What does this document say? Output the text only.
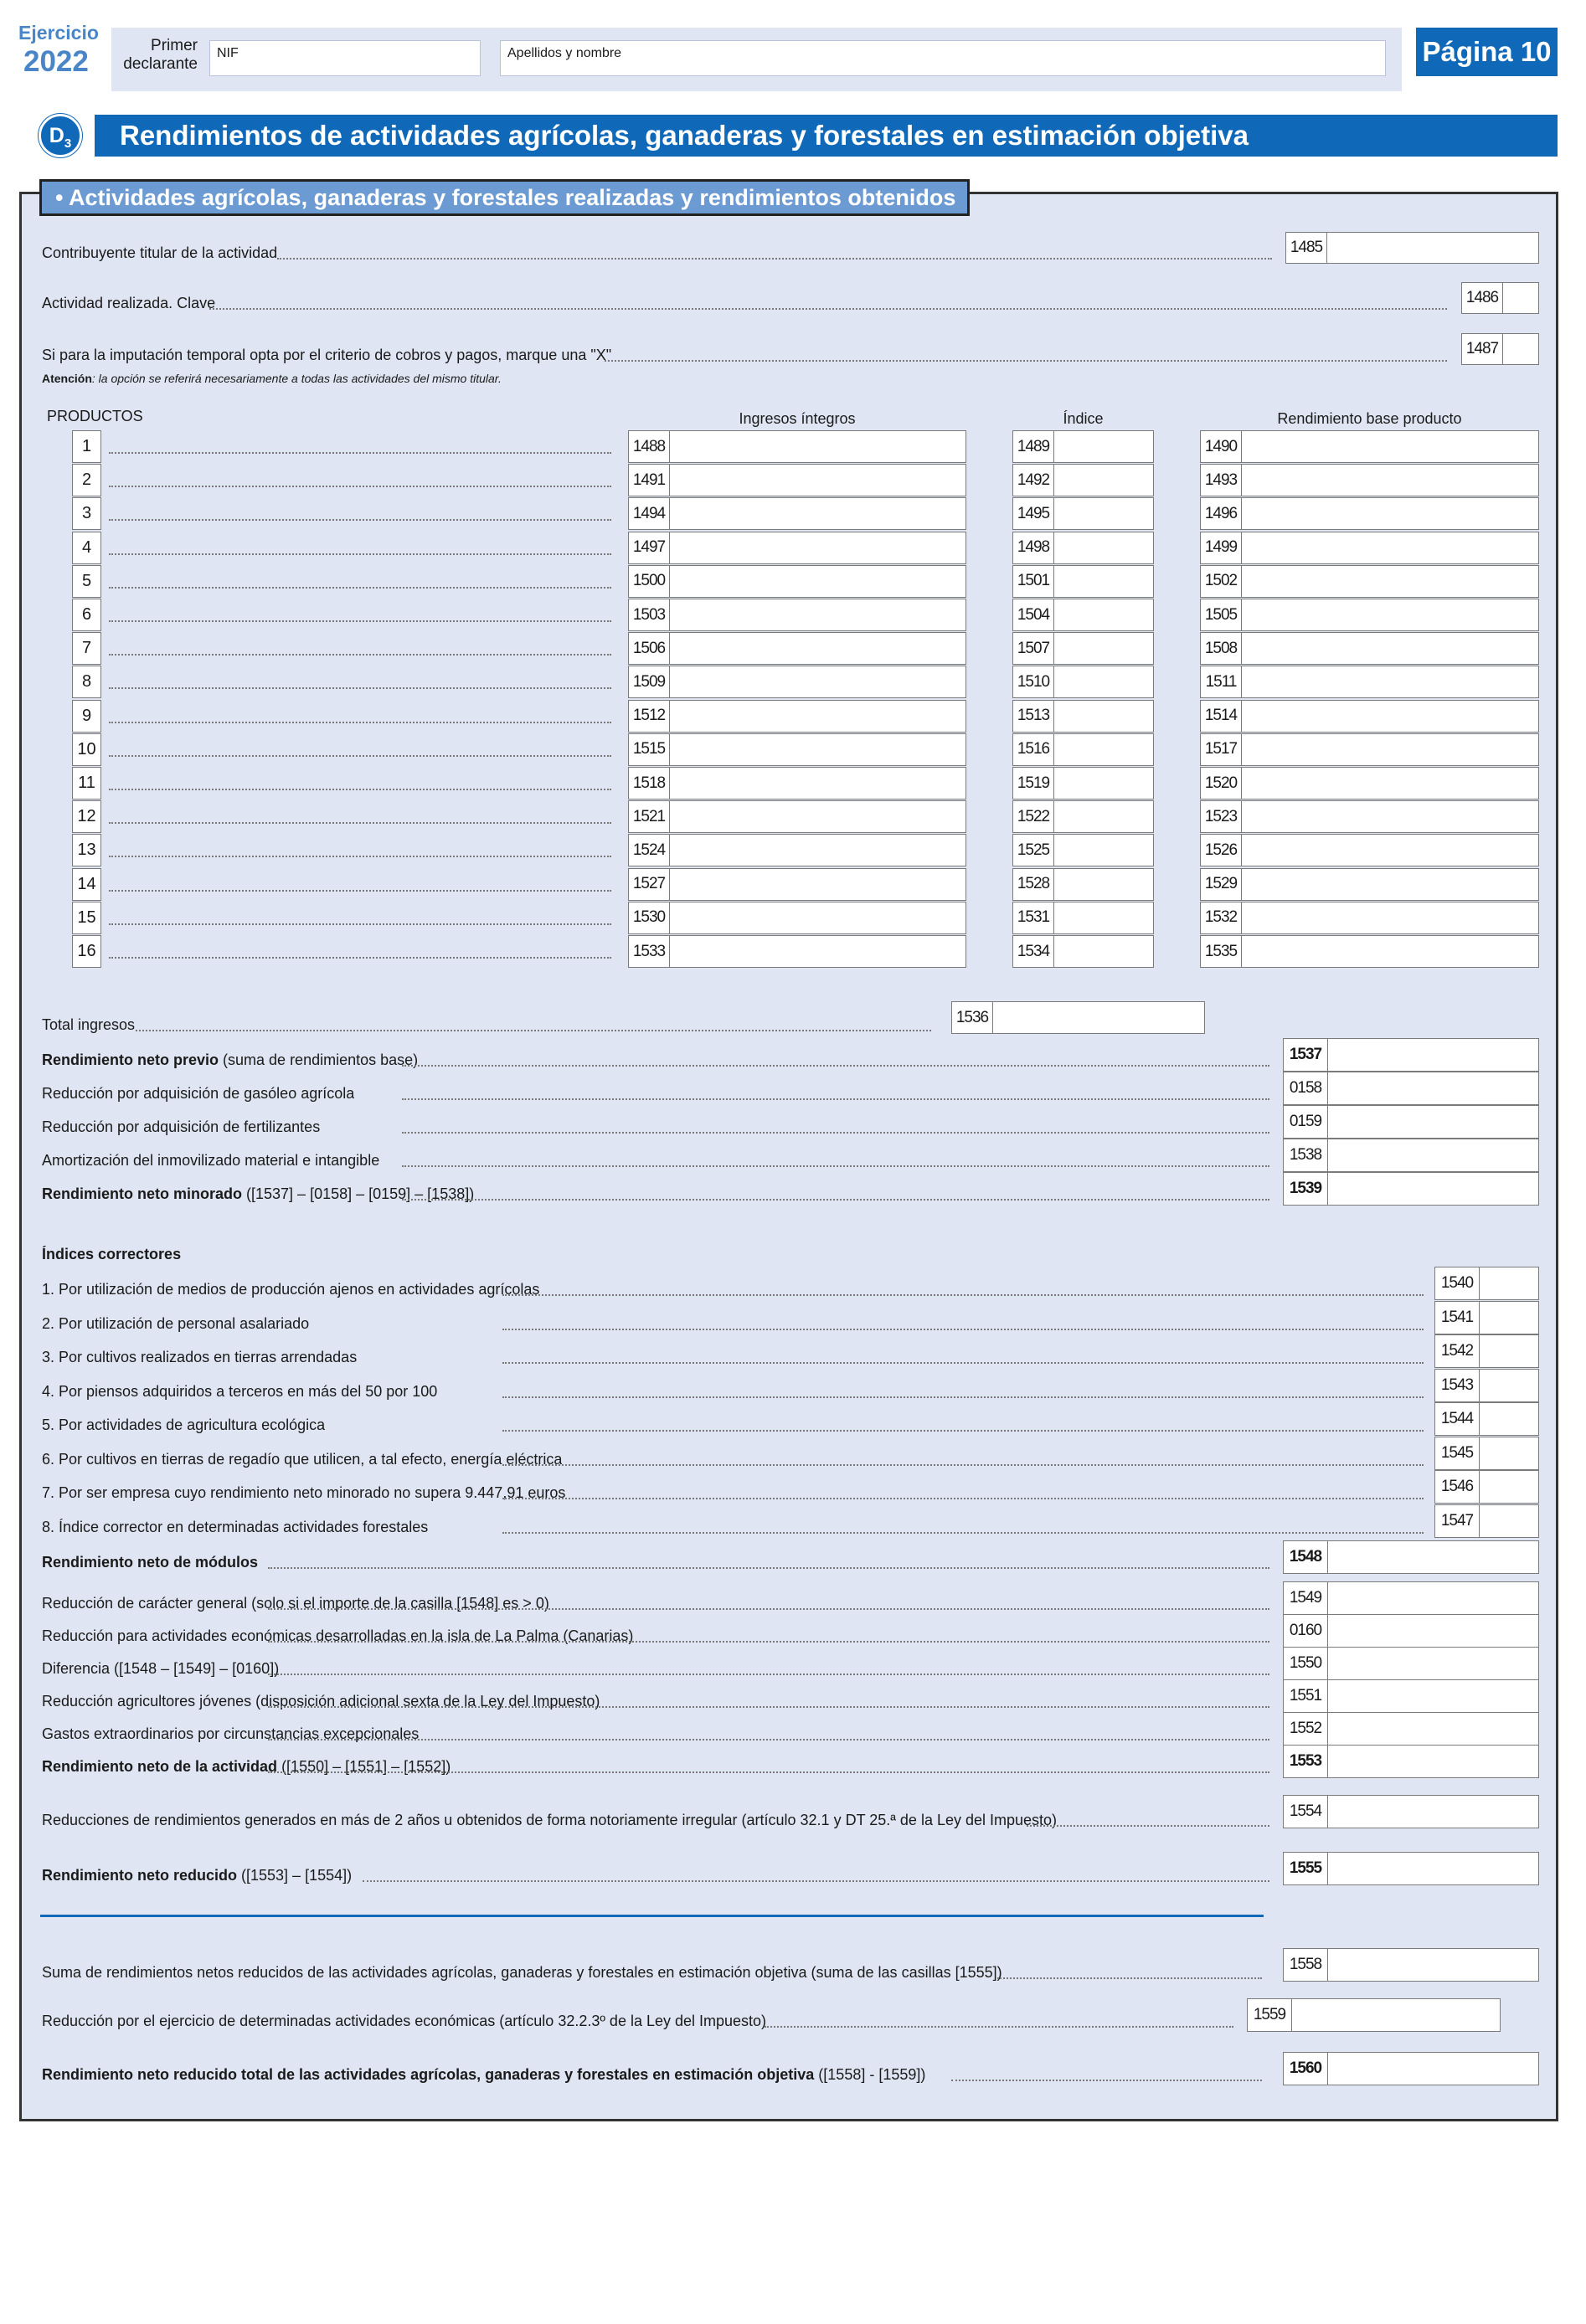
Ejercicio
2022	Primer
declarante
NIF	Apellidos y nombre	Página 10
Rendimientos de actividades agrícolas, ganaderas y forestales en estimación objetiva
$D_3$
• Actividades agrícolas, ganaderas y forestales realizadas y rendimientos obtenidos
Contribuyente titular de la actividad	1485
Actividad realizada. Clave	1486
Si para la imputación temporal opta por el criterio de cobros y pagos, marque una "X"	1487
Atención: la opción se referirá necesariamente a todas las actividades del mismo titular.
PRODUCTOS	Ingresos íntegros	Índice	Rendimiento base producto
1	1488	1489	1490
2	1491	1492	1493
3	1494	1495	1496
4	1497	1498	1499
5	1500	1501	1502
6	1503	1504	1505
7	1506	1507	1508
8	1509	1510	1511
9	1512	1513	1514
10	1515	1516	1517
11	1518	1519	1520
12	1521	1522	1523
13	1524	1525	1526
14	1527	1528	1529
15	1530	1531	1532
16	1533	1534	1535
Total ingresos	1536
Rendimiento neto previo (suma de rendimientos base)	1537
Reducción por adquisición de gasóleo agrícola	0158
Reducción por adquisición de fertilizantes	0159
Amortización del inmovilizado material e intangible	1538
Rendimiento neto minorado ([1537] – [0158] – [0159] – [1538])	1539
Índices correctores
1. Por utilización de medios de producción ajenos en actividades agrícolas	1540
2. Por utilización de personal asalariado	1541
3. Por cultivos realizados en tierras arrendadas	1542
4. Por piensos adquiridos a terceros en más del 50 por 100	1543
5. Por actividades de agricultura ecológica	1544
6. Por cultivos en tierras de regadío que utilicen, a tal efecto, energía eléctrica	1545
7. Por ser empresa cuyo rendimiento neto minorado no supera 9.447,91 euros	1546
8. Índice corrector en determinadas actividades forestales	1547
Rendimiento neto de módulos	1548
Reducción de carácter general (solo si el importe de la casilla [1548] es > 0)	1549
Reducción para actividades económicas desarrolladas en la isla de La Palma (Canarias)	0160
Diferencia ([1548 – [1549] – [0160])	1550
Reducción agricultores jóvenes (disposición adicional sexta de la Ley del Impuesto)	1551
Gastos extraordinarios por circunstancias excepcionales	1552
Rendimiento neto de la actividad ([1550] – [1551] – [1552])	1553
Reducciones de rendimientos generados en más de 2 años u obtenidos de forma notoriamente irregular (artículo 32.1 y DT 25.ª de la Ley del Impuesto)	1554
Rendimiento neto reducido ([1553] – [1554])	1555
Suma de rendimientos netos reducidos de las actividades agrícolas, ganaderas y forestales en estimación objetiva (suma de las casillas [1555])	1558
Reducción por el ejercicio de determinadas actividades económicas (artículo 32.2.3º de la Ley del Impuesto)	1559
Rendimiento neto reducido total de las actividades agrícolas, ganaderas y forestales en estimación objetiva ([1558] - [1559])	1560
